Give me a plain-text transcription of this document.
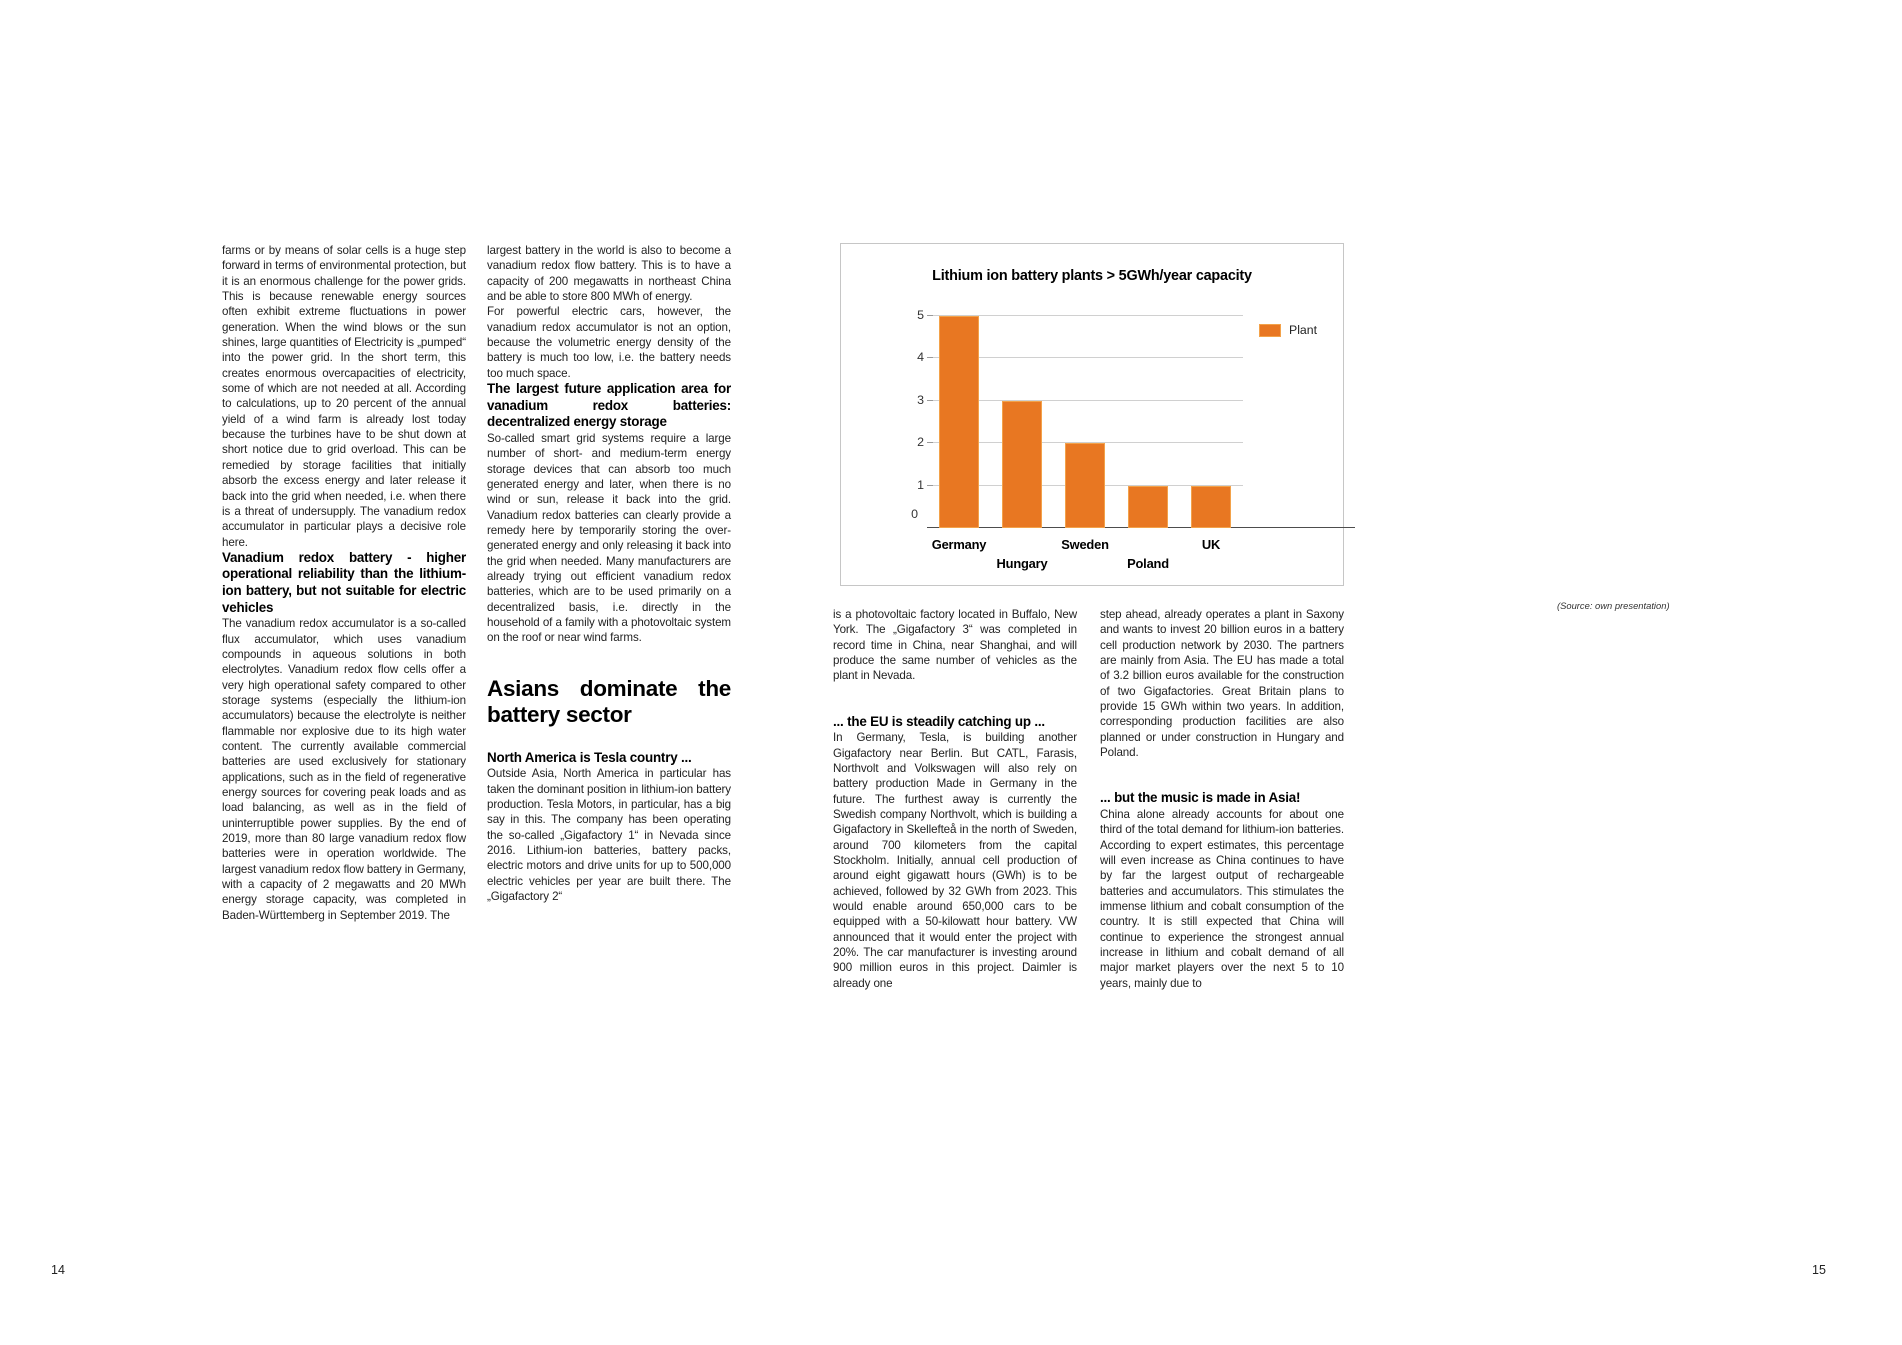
farms or by means of solar cells is a huge step forward in terms of environmental protection, but it is an enormous challenge for the power grids. This is because renewable energy sources often exhibit extreme fluctuations in power generation. When the wind blows or the sun shines, large quantities of Electricity is „pumped“ into the power grid. In the short term, this creates enormous overcapacities of electricity, some of which are not needed at all. According to calculations, up to 20 percent of the annual yield of a wind farm is already lost today because the turbines have to be shut down at short notice due to grid overload. This can be remedied by storage facilities that initially absorb the excess energy and later release it back into the grid when needed, i.e. when there is a threat of undersupply. The vanadium redox accumulator in particular plays a decisive role here.

Vanadium redox battery - higher operational reliability than the lithium-ion battery, but not suitable for electric vehicles

The vanadium redox accumulator is a so-called flux accumulator, which uses vanadium compounds in aqueous solutions in both electrolytes. Vanadium redox flow cells offer a very high operational safety compared to other storage systems (especially the lithium-ion accumulators) because the electrolyte is neither flammable nor explosive due to its high water content. The currently available commercial batteries are used exclusively for stationary applications, such as in the field of regenerative energy sources for covering peak loads and as load balancing, as well as in the field of uninterruptible power supplies. By the end of 2019, more than 80 large vanadium redox flow batteries were in operation worldwide. The largest vanadium redox flow battery in Germany, with a capacity of 2 megawatts and 20 MWh energy storage capacity, was completed in Baden-Württemberg in September 2019. The

largest battery in the world is also to become a vanadium redox flow battery. This is to have a capacity of 200 megawatts in northeast China and be able to store 800 MWh of energy.

For powerful electric cars, however, the vanadium redox accumulator is not an option, because the volumetric energy density of the battery is much too low, i.e. the battery needs too much space.

The largest future application area for vanadium redox batteries: decentralized energy storage

So-called smart grid systems require a large number of short- and medium-term energy storage devices that can absorb too much generated energy and later, when there is no wind or sun, release it back into the grid. Vanadium redox batteries can clearly provide a remedy here by temporarily storing the over-generated energy and only releasing it back into the grid when needed. Many manufacturers are already trying out efficient vanadium redox batteries, which are to be used primarily on a decentralized basis, i.e. directly in the household of a family with a photovoltaic system on the roof or near wind farms.

Asians dominate the battery sector
North America is Tesla country ...

Outside Asia, North America in particular has taken the dominant position in lithium-ion battery production. Tesla Motors, in particular, has a big say in this. The company has been operating the so-called „Gigafactory 1“ in Nevada since 2016. Lithium-ion batteries, battery packs, electric motors and drive units for up to 500,000 electric vehicles per year are built there. The „Gigafactory 2“

14
Lithium ion battery plants > 5GWh/year capacity
5
4
3
2
1
0
Germany
Hungary
Sweden
Poland
UK
Plant
(Source: own presentation)

is a photovoltaic factory located in Buffalo, New York. The „Gigafactory 3“ was completed in record time in China, near Shanghai, and will produce the same number of vehicles as the plant in Nevada.

... the EU is steadily catching up ...

In Germany, Tesla, is building another Gigafactory near Berlin. But CATL, Farasis, Northvolt and Volkswagen will also rely on battery production Made in Germany in the future. The furthest away is currently the Swedish company Northvolt, which is building a Gigafactory in Skellefteå in the north of Sweden, around 700 kilometers from the capital Stockholm. Initially, annual cell production of around eight gigawatt hours (GWh) is to be achieved, followed by 32 GWh from 2023. This would enable around 650,000 cars to be equipped with a 50-kilowatt hour battery. VW announced that it would enter the project with 20%. The car manufacturer is investing around 900 million euros in this project. Daimler is already one

step ahead, already operates a plant in Saxony and wants to invest 20 billion euros in a battery cell production network by 2030. The partners are mainly from Asia. The EU has made a total of 3.2 billion euros available for the construction of two Gigafactories. Great Britain plans to provide 15 GWh within two years. In addition, corresponding production facilities are also planned or under construction in Hungary and Poland.

... but the music is made in Asia!

China alone already accounts for about one third of the total demand for lithium-ion batteries. According to expert estimates, this percentage will even increase as China continues to have by far the largest output of rechargeable batteries and accumulators. This stimulates the immense lithium and cobalt consumption of the country. It is still expected that China will continue to experience the strongest annual increase in lithium and cobalt demand of all major market players over the next 5 to 10 years, mainly due to

15
